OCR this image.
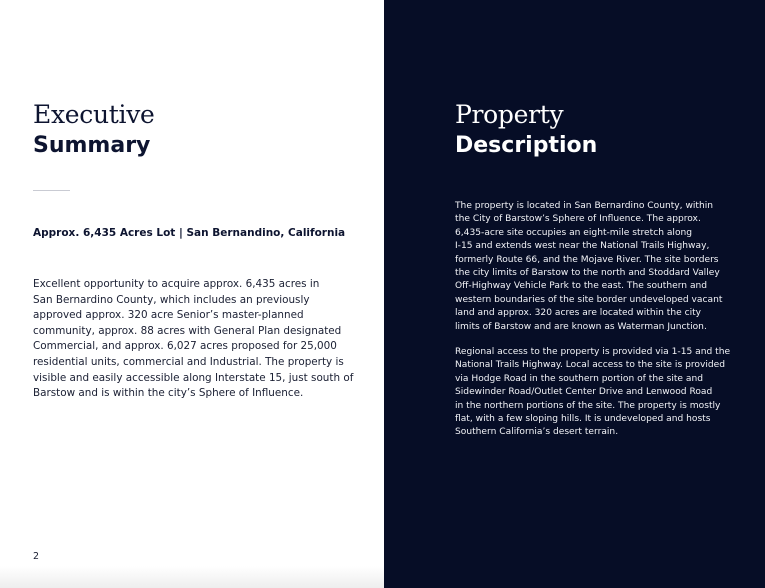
Executive
Summary
Approx. 6,435 Acres Lot | San Bernandino, California
Excellent opportunity to acquire approx. 6,435 acres in
San Bernardino County, which includes an previously
approved approx. 320 acre Senior’s master-planned
community, approx. 88 acres with General Plan designated
Commercial, and approx. 6,027 acres proposed for 25,000
residential units, commercial and Industrial. The property is
visible and easily accessible along Interstate 15, just south of
Barstow and is within the city’s Sphere of Influence.
2
Property
Description
The property is located in San Bernardino County, within
the City of Barstow’s Sphere of Influence. The approx.
6,435-acre site occupies an eight-mile stretch along
I-15 and extends west near the National Trails Highway,
formerly Route 66, and the Mojave River. The site borders
the city limits of Barstow to the north and Stoddard Valley
Off-Highway Vehicle Park to the east. The southern and
western boundaries of the site border undeveloped vacant
land and approx. 320 acres are located within the city
limits of Barstow and are known as Waterman Junction.
Regional access to the property is provided via 1-15 and the
National Trails Highway. Local access to the site is provided
via Hodge Road in the southern portion of the site and
Sidewinder Road/Outlet Center Drive and Lenwood Road
in the northern portions of the site. The property is mostly
flat, with a few sloping hills. It is undeveloped and hosts
Southern California’s desert terrain.
